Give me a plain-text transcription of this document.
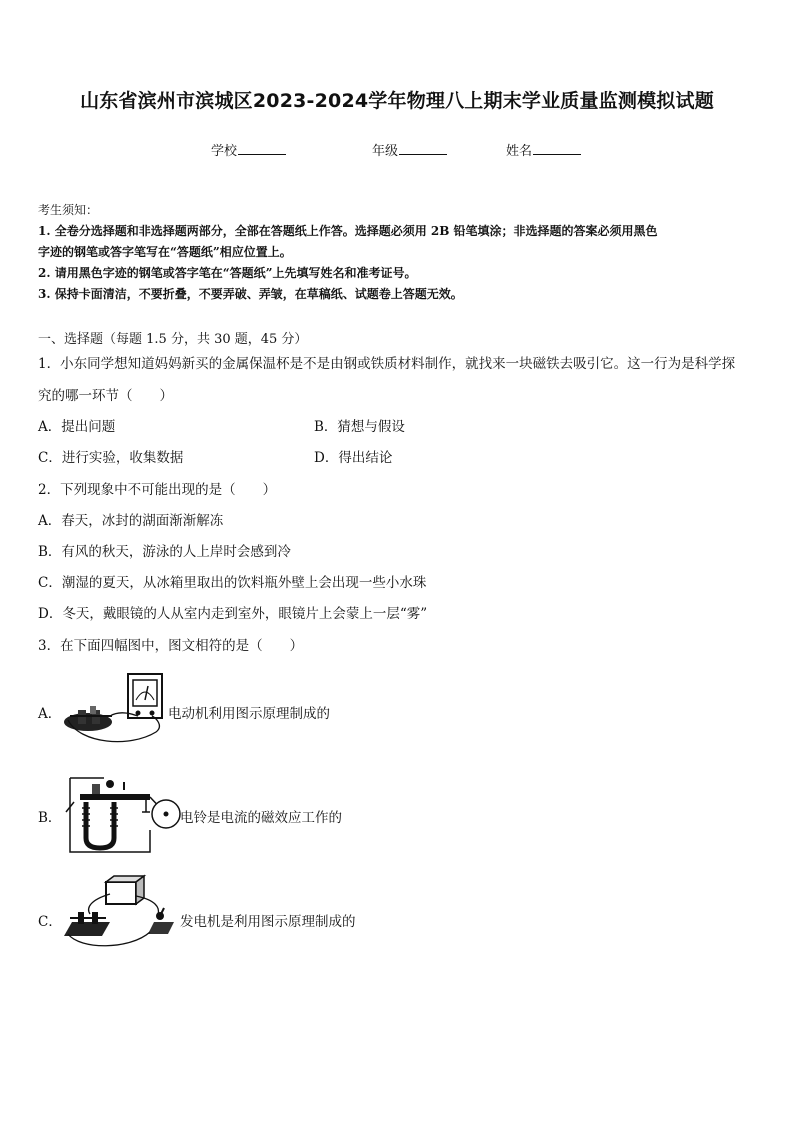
山东省滨州市滨城区2023-2024学年物理八上期末学业质量监测模拟试题
学校	年级	姓名
考生须知：
1. 全卷分选择题和非选择题两部分，全部在答题纸上作答。选择题必须用 2B 铅笔填涂；非选择题的答案必须用黑色
字迹的钢笔或答字笔写在“答题纸”相应位置上。
2. 请用黑色字迹的钢笔或答字笔在“答题纸”上先填写姓名和准考证号。
3. 保持卡面清洁，不要折叠，不要弄破、弄皱，在草稿纸、试题卷上答题无效。
一、选择题（每题 1.5 分，共 30 题，45 分）
1．小东同学想知道妈妈新买的金属保温杯是不是由钢或铁质材料制作，就找来一块磁铁去吸引它。这一行为是科学探
究的哪一环节（　　）
A．提出问题	B．猜想与假设
C．进行实验，收集数据	D．得出结论
2．下列现象中不可能出现的是（　　）
A．春天，冰封的湖面渐渐解冻
B．有风的秋天，游泳的人上岸时会感到冷
C．潮湿的夏天，从冰箱里取出的饮料瓶外壁上会出现一些小水珠
D．冬天，戴眼镜的人从室内走到室外，眼镜片上会蒙上一层“雾”
3．在下面四幅图中，图文相符的是（　　）
A．	电动机利用图示原理制成的
B．	电铃是电流的磁效应工作的
C．	发电机是利用图示原理制成的
